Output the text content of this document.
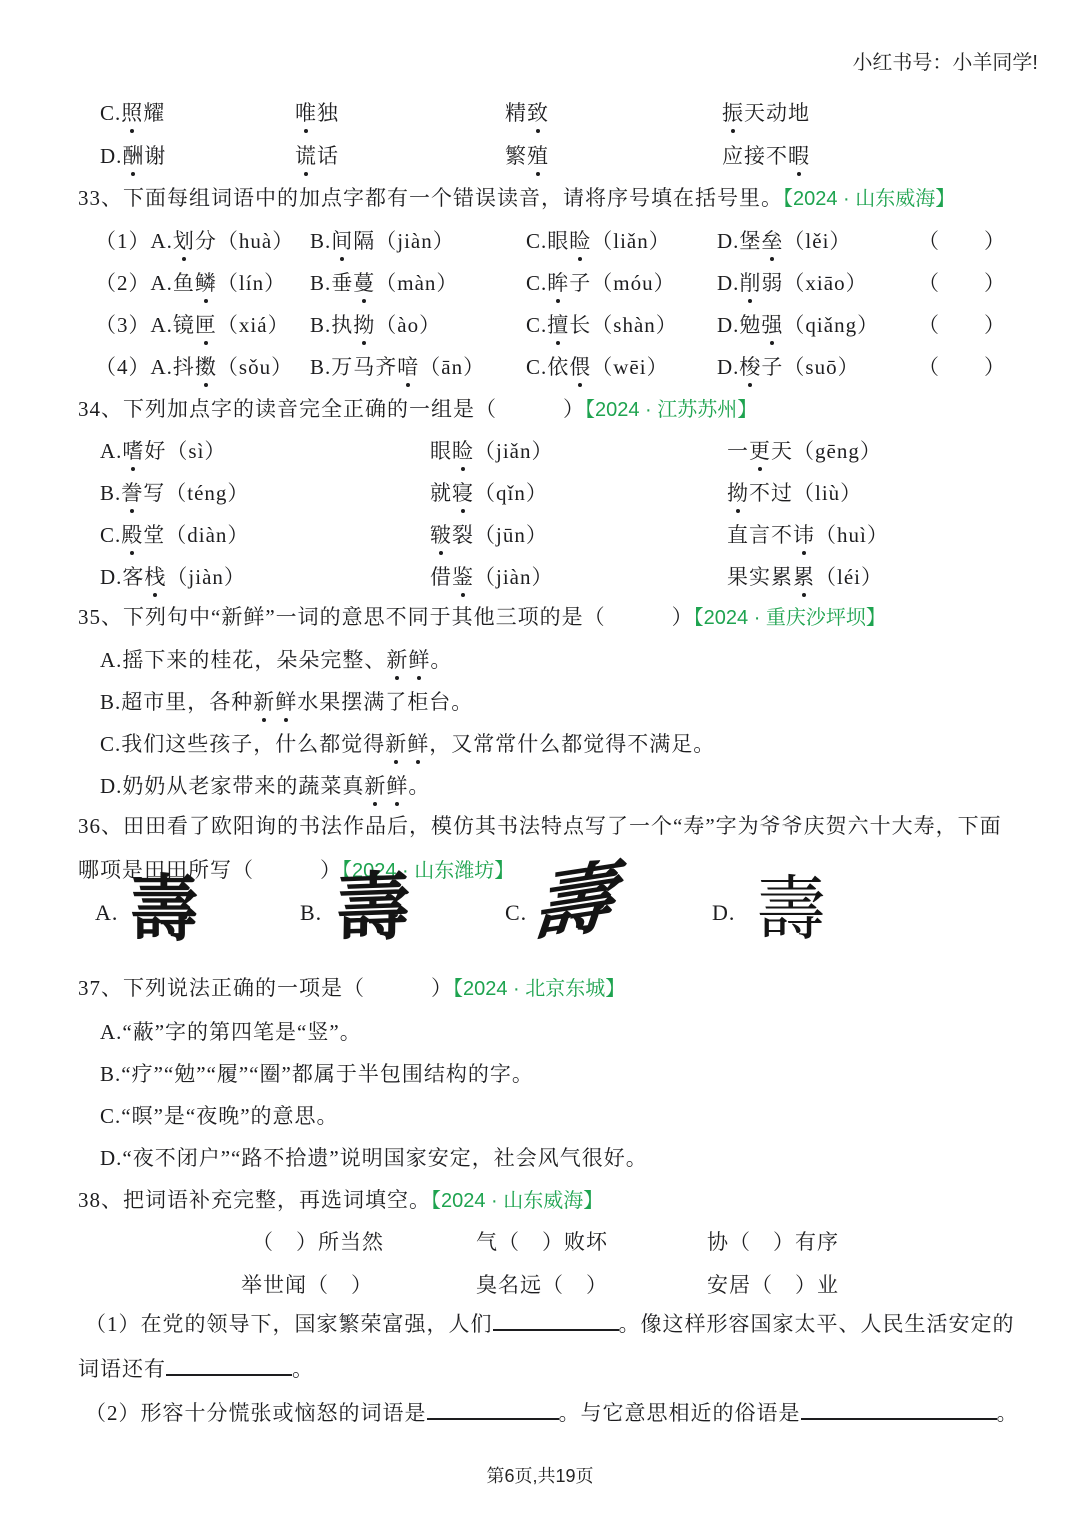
小红书号：小羊同学!
C.照耀	唯独	精致	振天动地
D.酬谢	谎话	繁殖	应接不暇
33、下面每组词语中的加点字都有一个错误读音，请将序号填在括号里。【2024 · 山东威海】
（1）A.划分（huà） B.间隔（jiàn）	C.眼睑（liǎn） D.堡垒（lěi）	（　　）
（2）A.鱼鳞（lín） B.垂蔓（màn）	C.眸子（móu） D.削弱（xiāo） （　　）
（3）A.镜匣（xiá） B.执拗（ào）	C.擅长（shàn） D.勉强（qiǎng） （　　）
（4）A.抖擞（sǒu） B.万马齐喑（ān） C.依偎（wēi） D.梭子（suō）	（　　）
34、下列加点字的读音完全正确的一组是（　　　）【2024 · 江苏苏州】
A.嗜好（sì）	眼睑（jiǎn）	一更天（gēng）
B.誊写（téng）	就寝（qǐn）	拗不过（liù）
C.殿堂（diàn）	皲裂（jūn）	直言不讳（huì）
D.客栈（jiàn）	借鉴（jiàn）	果实累累（léi）
35、下列句中“新鲜”一词的意思不同于其他三项的是（　　　）【2024 · 重庆沙坪坝】
A.摇下来的桂花，朵朵完整、新鲜。
B.超市里，各种新鲜水果摆满了柜台。
C.我们这些孩子，什么都觉得新鲜，又常常什么都觉得不满足。
D.奶奶从老家带来的蔬菜真新鲜。
36、田田看了欧阳询的书法作品后，模仿其书法特点写了一个“寿”字为爷爷庆贺六十大寿，下面
哪项是田田所写（　　　）【2024 · 山东潍坊】
A. 壽	B. 壽	C. 壽	D. 壽
37、下列说法正确的一项是（　　　）【2024 · 北京东城】
A.“蔽”字的第四笔是“竖”。
B.“疗”“勉”“履”“圈”都属于半包围结构的字。
C.“暝”是“夜晚”的意思。
D.“夜不闭户”“路不拾遗”说明国家安定，社会风气很好。
38、把词语补充完整，再选词填空。【2024 · 山东威海】
（　）所当然	气（　）败坏	协（　）有序
举世闻（　）	臭名远（　）	安居（　）业
（1）在党的领导下，国家繁荣富强，人们	。像这样形容国家太平、人民生活安定的
词语还有	。
（2）形容十分慌张或恼怒的词语是	。与它意思相近的俗语是	。
第6页,共19页
